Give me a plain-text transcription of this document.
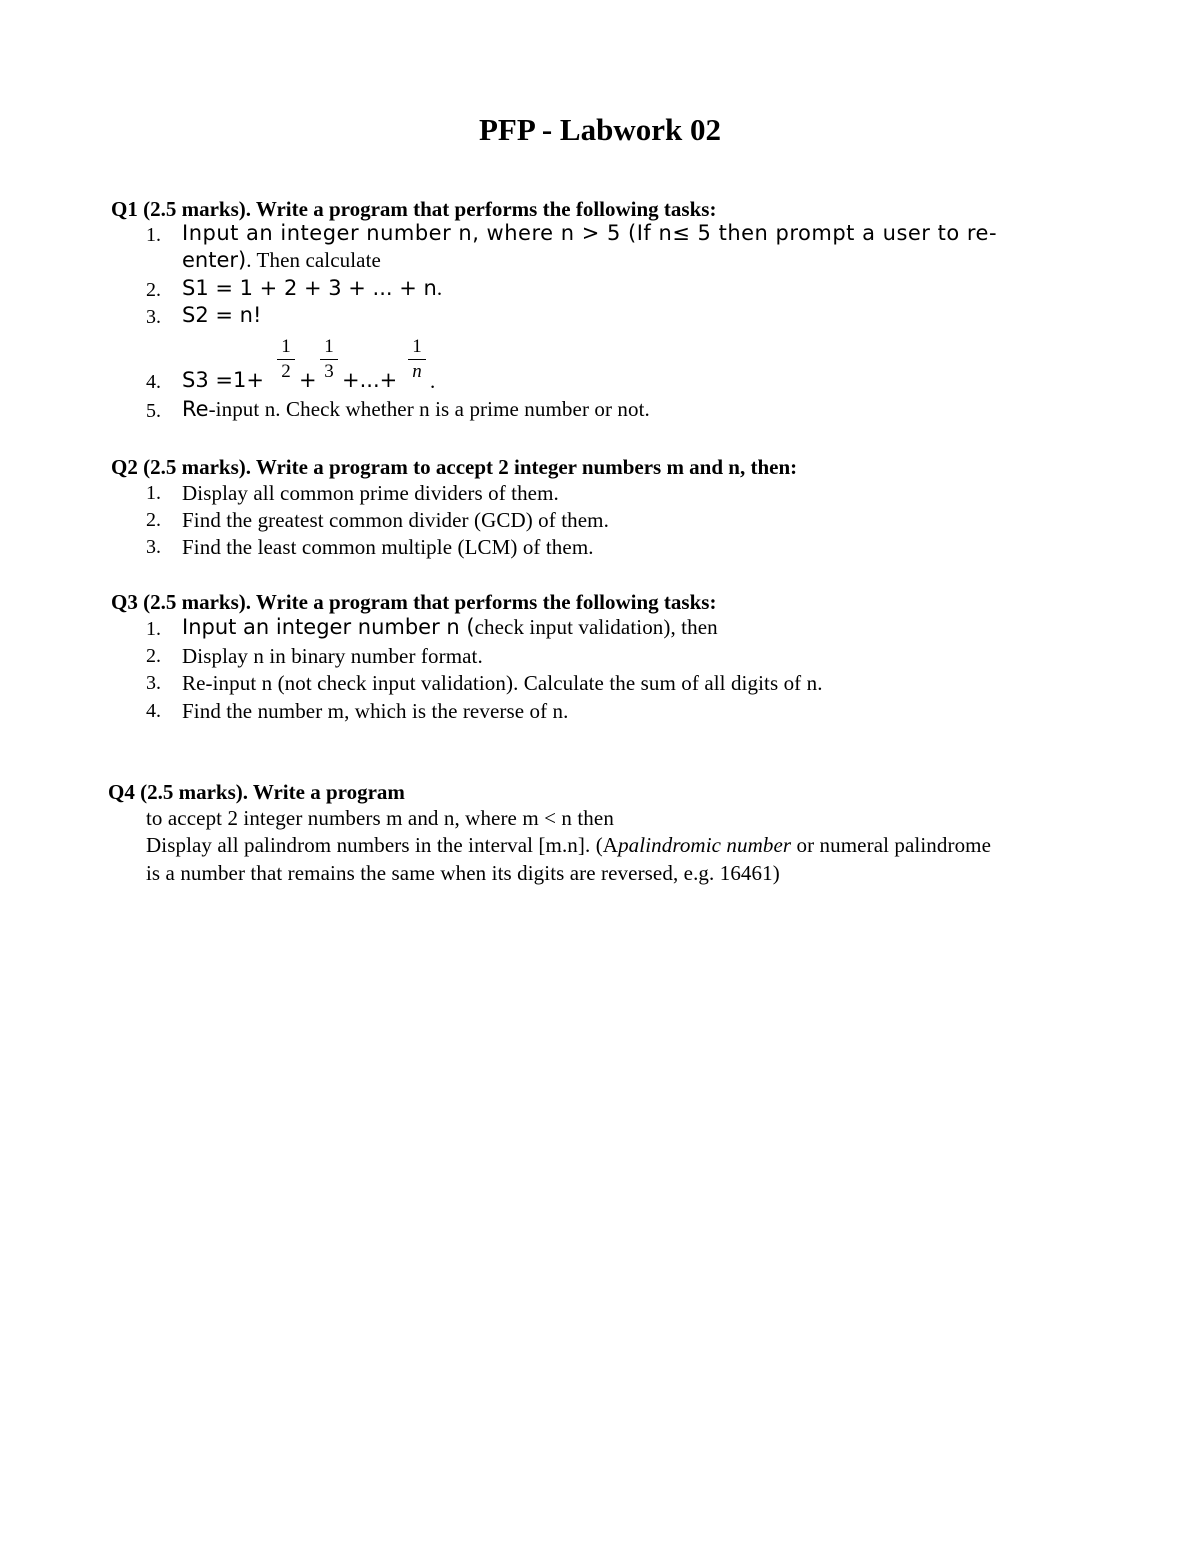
PFP - Labwork 02
Q1 (2.5 marks). Write a program that performs the following tasks:
1. Input an integer number n, where n > 5 (If n≤ 5 then prompt a user to re-
enter). Then calculate
2. S1 = 1 + 2 + 3 + ... + n.
3. S2 = n!
4. S3 =1+
1
2 +
1
3 +...+
1
n .
5. Re-input n. Check whether n is a prime number or not.
Q2 (2.5 marks). Write a program to accept 2 integer numbers m and n, then:
1. Display all common prime dividers of them.
2. Find the greatest common divider (GCD) of them.
3. Find the least common multiple (LCM) of them.
Q3 (2.5 marks). Write a program that performs the following tasks:
1. Input an integer number n (check input validation), then
2. Display n in binary number format.
3. Re-input n (not check input validation). Calculate the sum of all digits of n.
4. Find the number m, which is the reverse of n.
Q4 (2.5 marks). Write a program
to accept 2 integer numbers m and n, where m < n then
Display all palindrom numbers in the interval [m.n]. (Apalindromic number or numeral palindrome
is a number that remains the same when its digits are reversed, e.g. 16461)
